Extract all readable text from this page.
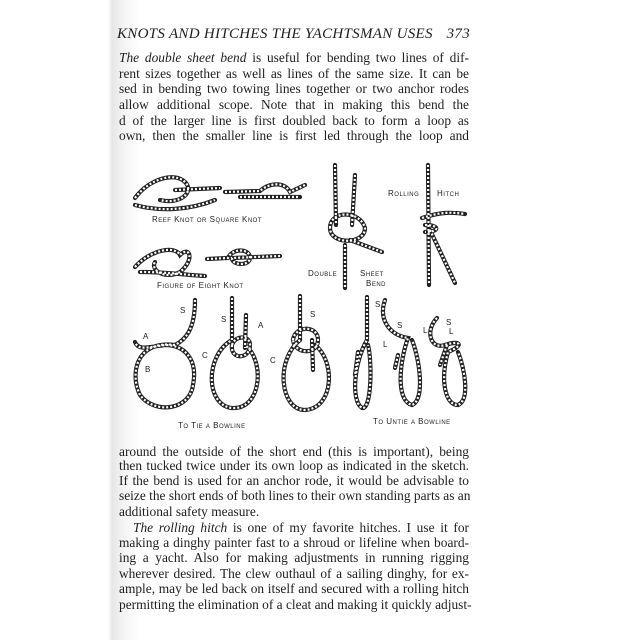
KNOTS AND HITCHES THE YACHTSMAN USES 373
The double sheet bend is useful for bending two lines of dif-
rent sizes together as well as lines of the same size. It can be
sed in bending two towing lines together or two anchor rodes
allow additional scope. Note that in making this bend the
d of the larger line is first doubled back to form a loop as
own, then the smaller line is first led through the loop and
Reef Knot or Square Knot
Figure of Eight Knot
Double	Sheet
Bend
Rolling Hitch
S
A
B
C
S
A
C
S
S
L
S
L
S
L
To Tie a Bowline	To Untie a Bowline
around the outside of the short end (this is important), being
then tucked twice under its own loop as indicated in the sketch.
If the bend is used for an anchor rode, it would be advisable to
seize the short ends of both lines to their own standing parts as an
additional safety measure.
The rolling hitch is one of my favorite hitches. I use it for
making a dinghy painter fast to a shroud or lifeline when board-
ing a yacht. Also for making adjustments in running rigging
wherever desired. The clew outhaul of a sailing dinghy, for ex-
ample, may be led back on itself and secured with a rolling hitch
permitting the elimination of a cleat and making it quickly adjust-
